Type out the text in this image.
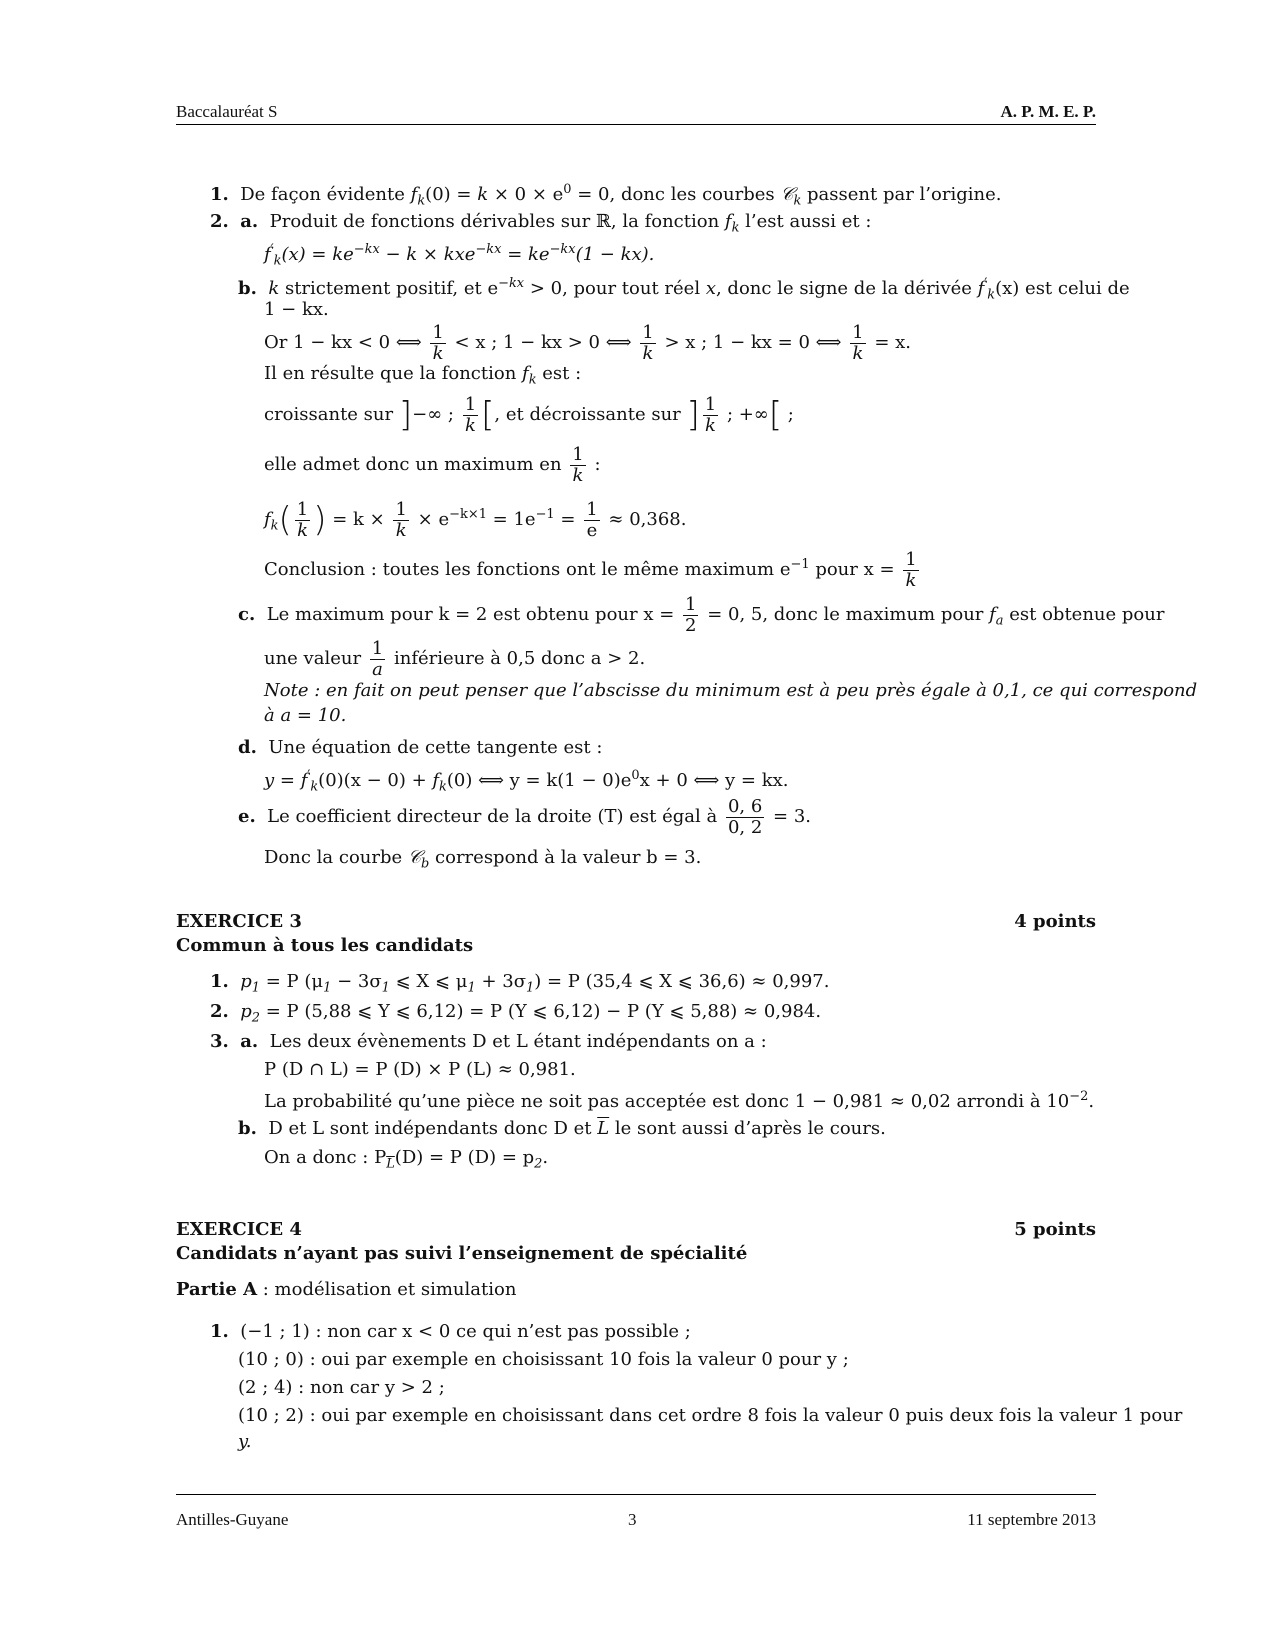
Baccalauréat S	A. P. M. E. P.
1. De façon évidente $f_k(0) = k \times 0 \times e^0 = 0$, donc les courbes 𝒞$_k$ passent par l’origine.
2. a. Produit de fonctions dérivables sur ℝ, la fonction $f_k$ l’est aussi et :
$f'_k(x) = ke^{-kx} - k \times kxe^{-kx} = ke^{-kx}(1 - kx)$.
b. k strictement positif, et $e^{-kx} > 0$, pour tout réel x, donc le signe de la dérivée $f'_k(x)$ est celui de
1 − kx.
Or 1 − kx < 0 ⟺ $\frac{1}{k} < x$ ; 1 − kx > 0 ⟺ $\frac{1}{k} > x$ ; 1 − kx = 0 ⟺ $\frac{1}{k} = x$.
Il en résulte que la fonction $f_k$ est :
croissante sur ]−∞ ; $\frac{1}{k}$ [, et décroissante sur ] $\frac{1}{k}$ ; +∞[ ;
elle admet donc un maximum en $\frac{1}{k}$ :
$f_k( \frac{1}{k}$ ) = $k \times \frac{1}{k} \times e^{-k\times 1} = 1e^{-1} = \frac{1}{e} \approx 0,368$.
Conclusion : toutes les fonctions ont le même maximum $e^{-1}$ pour $x = \frac{1}{k}$
c. Le maximum pour k = 2 est obtenu pour $x = \frac{1}{2} = 0$, 5, donc le maximum pour $f_a$ est obtenue pour
une valeur $\frac{1}{a}$ inférieure à 0,5 donc a > 2.
Note : en fait on peut penser que l’abscisse du minimum est à peu près égale à 0,1, ce qui correspond
à a = 10.
d. Une équation de cette tangente est :
$y = f'_k(0)(x - 0) + f_k(0)$ ⟺ $y = k(1 - 0)e^0x + 0$ ⟺ y = kx.
e. Le coefficient directeur de la droite (T) est égal à $\frac{0, 6}{0, 2} = 3$.
Donc la courbe 𝒞$_b$ correspond à la valeur b = 3.
EXERCICE 3	4 points
Commun à tous les candidats
1. $p_1 = P$ ($\mu_1 - 3\sigma_1$ ⩽ X ⩽ $\mu_1 + 3\sigma_1) = P$ (35,4 ⩽ X ⩽ 36,6) ≈ 0,997.
2. $p_2 = P$ (5,88 ⩽ Y ⩽ 6,12) = P (Y ⩽ 6,12) − P (Y ⩽ 5,88) ≈ 0,984.
3. a. Les deux évènements D et L étant indépendants on a :
P (D ∩ L) = P (D) × P (L) ≈ 0,981.
La probabilité qu’une pièce ne soit pas acceptée est donc 1 − 0,981 ≈ 0,02 arrondi à $10^{-2}$.
b. D et L sont indépendants donc D et $\overline{L}$ le sont aussi d’après le cours.
On a donc : $P_{\overline{L}}(D) = P$ $(D) = p_2$.
EXERCICE 4	5 points
Candidats n’ayant pas suivi l’enseignement de spécialité
Partie A : modélisation et simulation
1. (−1 ; 1) : non car x < 0 ce qui n’est pas possible ;
(10 ; 0) : oui par exemple en choisissant 10 fois la valeur 0 pour y ;
(2 ; 4) : non car y > 2 ;
(10 ; 2) : oui par exemple en choisissant dans cet ordre 8 fois la valeur 0 puis deux fois la valeur 1 pour
y.
Antilles-Guyane	3	11 septembre 2013
